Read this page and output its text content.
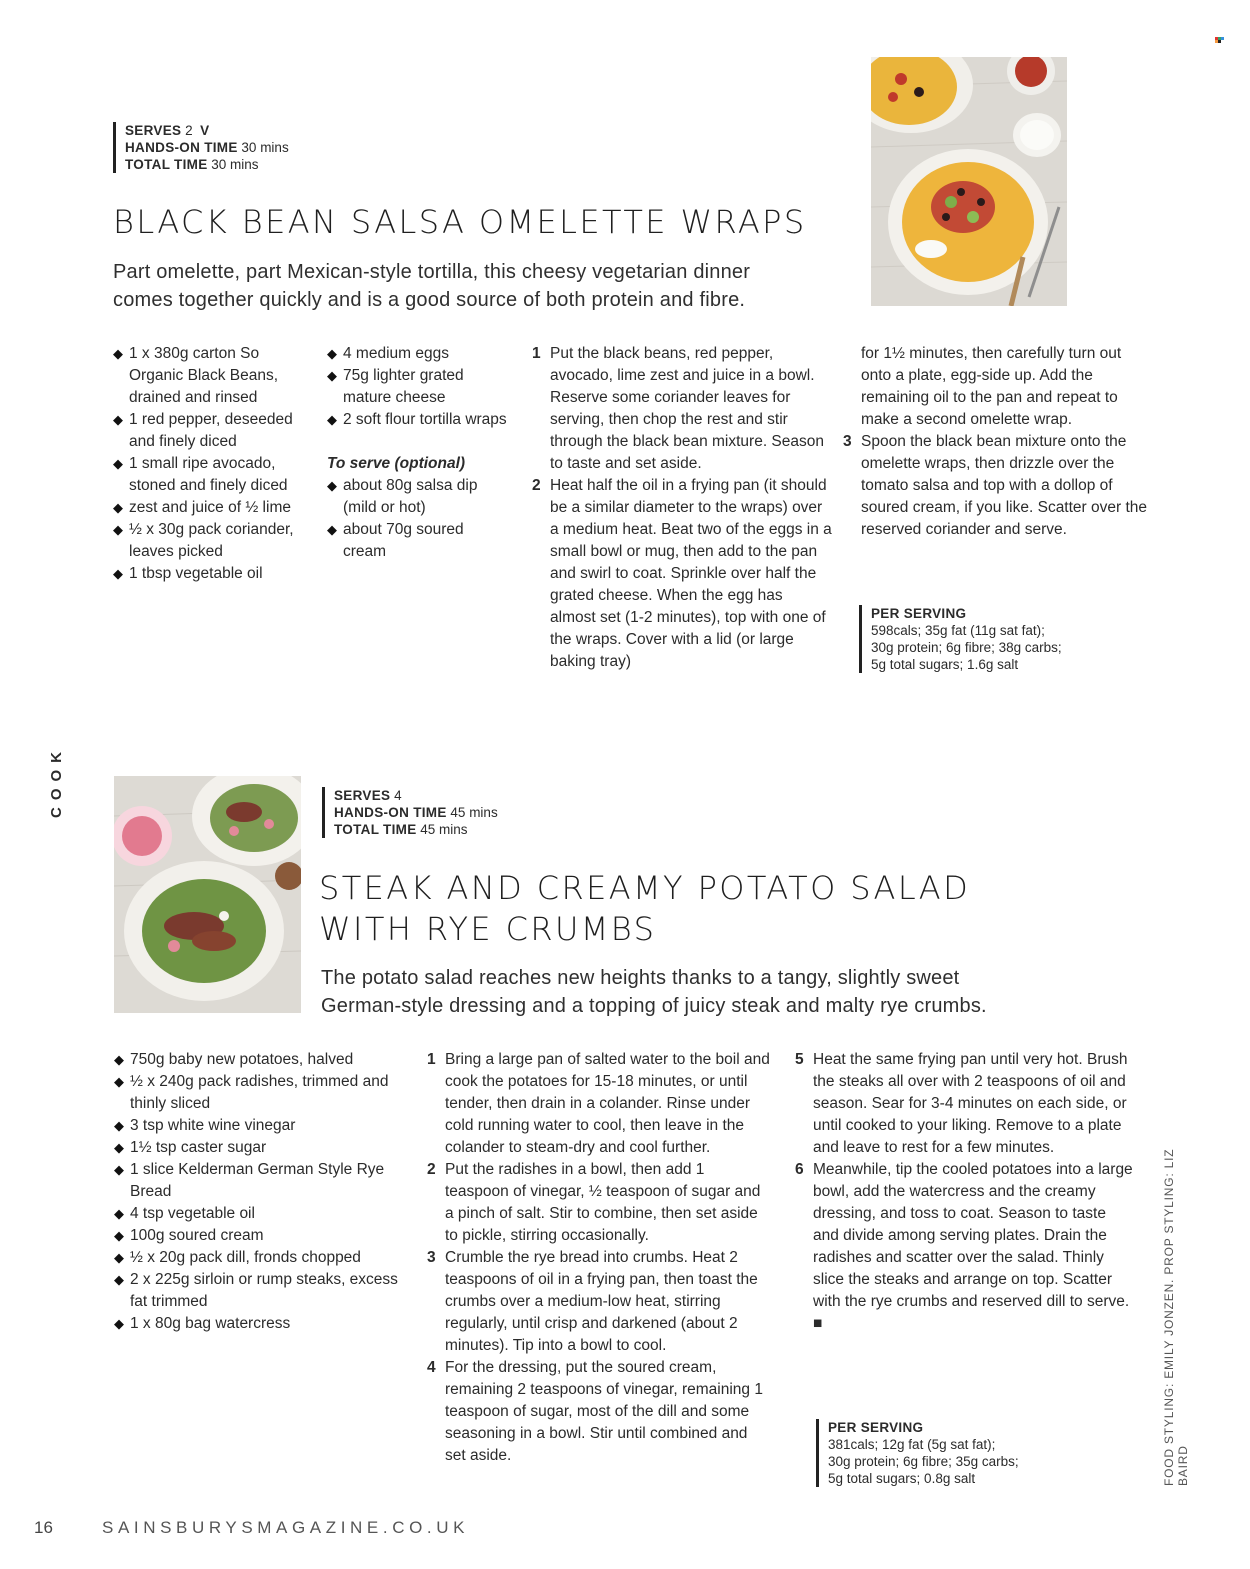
COOK
SERVES 2 V
HANDS-ON TIME 30 mins
TOTAL TIME 30 mins
BLACK BEAN SALSA OMELETTE WRAPS
Part omelette, part Mexican-style tortilla, this cheesy vegetarian dinner
comes together quickly and is a good source of both protein and fibre.
◆ 1 x 380g carton So Organic Black Beans, drained and rinsed
◆ 1 red pepper, deseeded and finely diced
◆ 1 small ripe avocado, stoned and finely diced
◆ zest and juice of ½ lime
◆ ½ x 30g pack coriander, leaves picked
◆ 1 tbsp vegetable oil
◆ 4 medium eggs
◆ 75g lighter grated mature cheese
◆ 2 soft flour tortilla wraps
To serve (optional)
◆ about 80g salsa dip (mild or hot)
◆ about 70g soured cream
1 Put the black beans, red pepper, avocado, lime zest and juice in a bowl. Reserve some coriander leaves for serving, then chop the rest and stir through the black bean mixture. Season to taste and set aside.
2 Heat half the oil in a frying pan (it should be a similar diameter to the wraps) over a medium heat. Beat two of the eggs in a small bowl or mug, then add to the pan and swirl to coat. Sprinkle over half the grated cheese. When the egg has almost set (1-2 minutes), top with one of the wraps. Cover with a lid (or large baking tray)
for 1½ minutes, then carefully turn out onto a plate, egg-side up. Add the remaining oil to the pan and repeat to make a second omelette wrap.
3 Spoon the black bean mixture onto the omelette wraps, then drizzle over the tomato salsa and top with a dollop of soured cream, if you like. Scatter over the reserved coriander and serve.
PER SERVING
598cals; 35g fat (11g sat fat);
30g protein; 6g fibre; 38g carbs;
5g total sugars; 1.6g salt
SERVES 4
HANDS-ON TIME 45 mins
TOTAL TIME 45 mins
STEAK AND CREAMY POTATO SALAD
WITH RYE CRUMBS
The potato salad reaches new heights thanks to a tangy, slightly sweet
German-style dressing and a topping of juicy steak and malty rye crumbs.
◆ 750g baby new potatoes, halved
◆ ½ x 240g pack radishes, trimmed and thinly sliced
◆ 3 tsp white wine vinegar
◆ 1½ tsp caster sugar
◆ 1 slice Kelderman German Style Rye Bread
◆ 4 tsp vegetable oil
◆ 100g soured cream
◆ ½ x 20g pack dill, fronds chopped
◆ 2 x 225g sirloin or rump steaks, excess fat trimmed
◆ 1 x 80g bag watercress
1 Bring a large pan of salted water to the boil and cook the potatoes for 15-18 minutes, or until tender, then drain in a colander. Rinse under cold running water to cool, then leave in the colander to steam-dry and cool further.
2 Put the radishes in a bowl, then add 1 teaspoon of vinegar, ½ teaspoon of sugar and a pinch of salt. Stir to combine, then set aside to pickle, stirring occasionally.
3 Crumble the rye bread into crumbs. Heat 2 teaspoons of oil in a frying pan, then toast the crumbs over a medium-low heat, stirring regularly, until crisp and darkened (about 2 minutes). Tip into a bowl to cool.
4 For the dressing, put the soured cream, remaining 2 teaspoons of vinegar, remaining 1 teaspoon of sugar, most of the dill and some seasoning in a bowl. Stir until combined and set aside.
5 Heat the same frying pan until very hot. Brush the steaks all over with 2 teaspoons of oil and season. Sear for 3-4 minutes on each side, or until cooked to your liking. Remove to a plate and leave to rest for a few minutes.
6 Meanwhile, tip the cooled potatoes into a large bowl, add the watercress and the creamy dressing, and toss to coat. Season to taste and divide among serving plates. Drain the radishes and scatter over the salad. Thinly slice the steaks and arrange on top. Scatter with the rye crumbs and reserved dill to serve. ■
PER SERVING
381cals; 12g fat (5g sat fat);
30g protein; 6g fibre; 35g carbs;
5g total sugars; 0.8g salt	FOOD STYLING: EMILY JONZEN. PROP STYLING: LIZ BAIRD
16	SAINSBURYSMAGAZINE.CO.UK
